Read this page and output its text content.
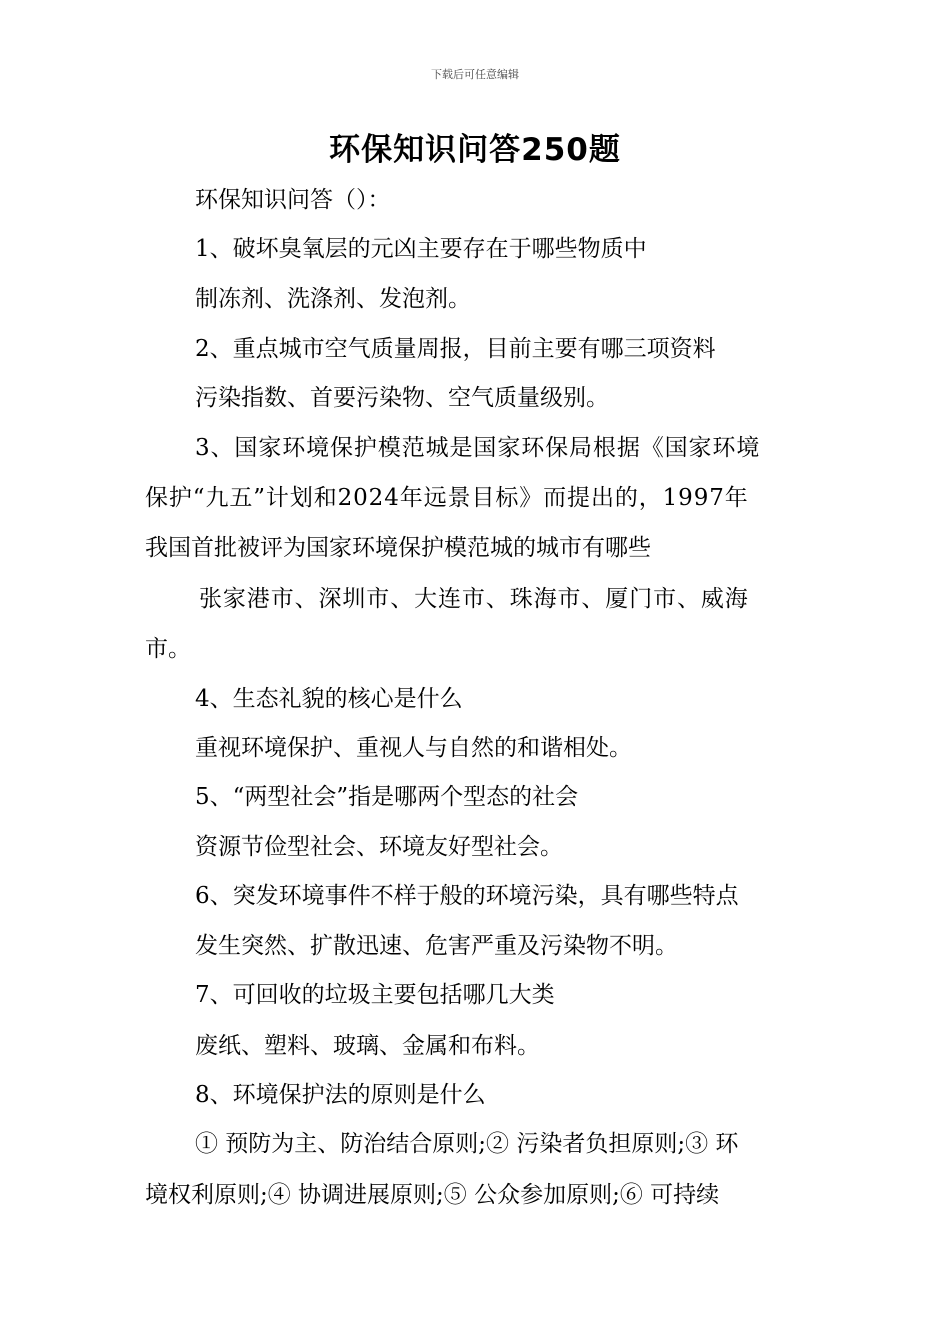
下载后可任意编辑
环保知识问答250题
环保知识问答（）：
1、破坏臭氧层的元凶主要存在于哪些物质中
制冻剂、洗涤剂、发泡剂。
2、重点城市空气质量周报，目前主要有哪三项资料
污染指数、首要污染物、空气质量级别。
3、国家环境保护模范城是国家环保局根据《国家环境
保护“九五”计划和2024年远景目标》而提出的，1997年
我国首批被评为国家环境保护模范城的城市有哪些
张家港市、深圳市、大连市、珠海市、厦门市、威海
市。
4、生态礼貌的核心是什么
重视环境保护、重视人与自然的和谐相处。
5、“两型社会”指是哪两个型态的社会
资源节俭型社会、环境友好型社会。
6、突发环境事件不样于般的环境污染，具有哪些特点
发生突然、扩散迅速、危害严重及污染物不明。
7、可回收的垃圾主要包括哪几大类
废纸、塑料、玻璃、金属和布料。
8、环境保护法的原则是什么
① 预防为主、防治结合原则;② 污染者负担原则;③ 环
境权利原则;④ 协调进展原则;⑤ 公众参加原则;⑥ 可持续
